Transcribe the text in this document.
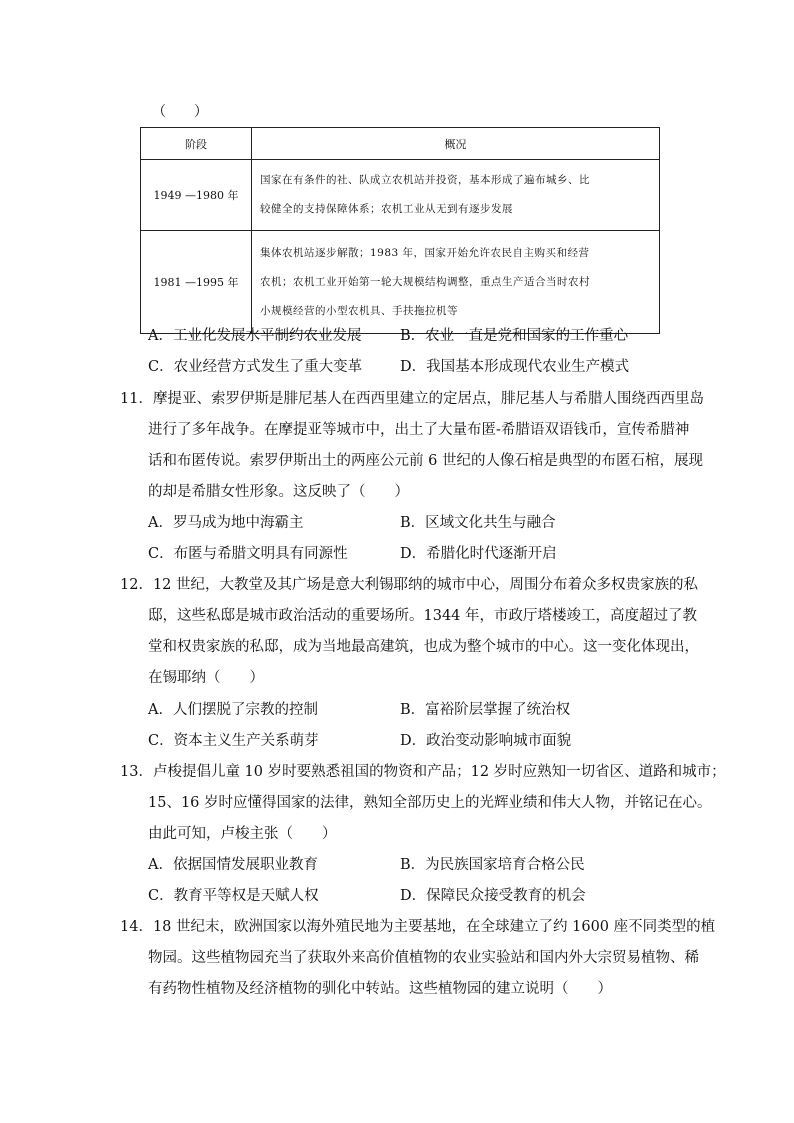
（　　）
阶段	概况
1949 —1980 年	国家在有条件的社、队成立农机站并投资，基本形成了遍布城乡、比
较健全的支持保障体系；农机工业从无到有逐步发展

1981 —1995 年	集体农机站逐步解散；1983 年，国家开始允许农民自主购买和经营
农机；农机工业开始第一轮大规模结构调整，重点生产适合当时农村
小规模经营的小型农机具、手扶拖拉机等
A．工业化发展水平制约农业发展	B．农业一直是党和国家的工作重心
C．农业经营方式发生了重大变革	D．我国基本形成现代农业生产模式
11．摩提亚、索罗伊斯是腓尼基人在西西里建立的定居点，腓尼基人与希腊人围绕西西里岛
进行了多年战争。在摩提亚等城市中，出土了大量布匿-希腊语双语钱币，宣传希腊神
话和布匿传说。索罗伊斯出土的两座公元前 6 世纪的人像石棺是典型的布匿石棺，展现
的却是希腊女性形象。这反映了（　　）
A．罗马成为地中海霸主	B．区域文化共生与融合
C．布匿与希腊文明具有同源性	D．希腊化时代逐渐开启
12．12 世纪，大教堂及其广场是意大利锡耶纳的城市中心，周围分布着众多权贵家族的私
邸，这些私邸是城市政治活动的重要场所。1344 年，市政厅塔楼竣工，高度超过了教
堂和权贵家族的私邸，成为当地最高建筑，也成为整个城市的中心。这一变化体现出，
在锡耶纳（　　）
A．人们摆脱了宗教的控制	B．富裕阶层掌握了统治权
C．资本主义生产关系萌芽	D．政治变动影响城市面貌
13．卢梭提倡儿童 10 岁时要熟悉祖国的物资和产品；12 岁时应熟知一切省区、道路和城市；
15、16 岁时应懂得国家的法律，熟知全部历史上的光辉业绩和伟大人物，并铭记在心。
由此可知，卢梭主张（　　）
A．依据国情发展职业教育	B．为民族国家培育合格公民
C．教育平等权是天赋人权	D．保障民众接受教育的机会
14．18 世纪末，欧洲国家以海外殖民地为主要基地，在全球建立了约 1600 座不同类型的植
物园。这些植物园充当了获取外来高价值植物的农业实验站和国内外大宗贸易植物、稀
有药物性植物及经济植物的驯化中转站。这些植物园的建立说明（　　）
